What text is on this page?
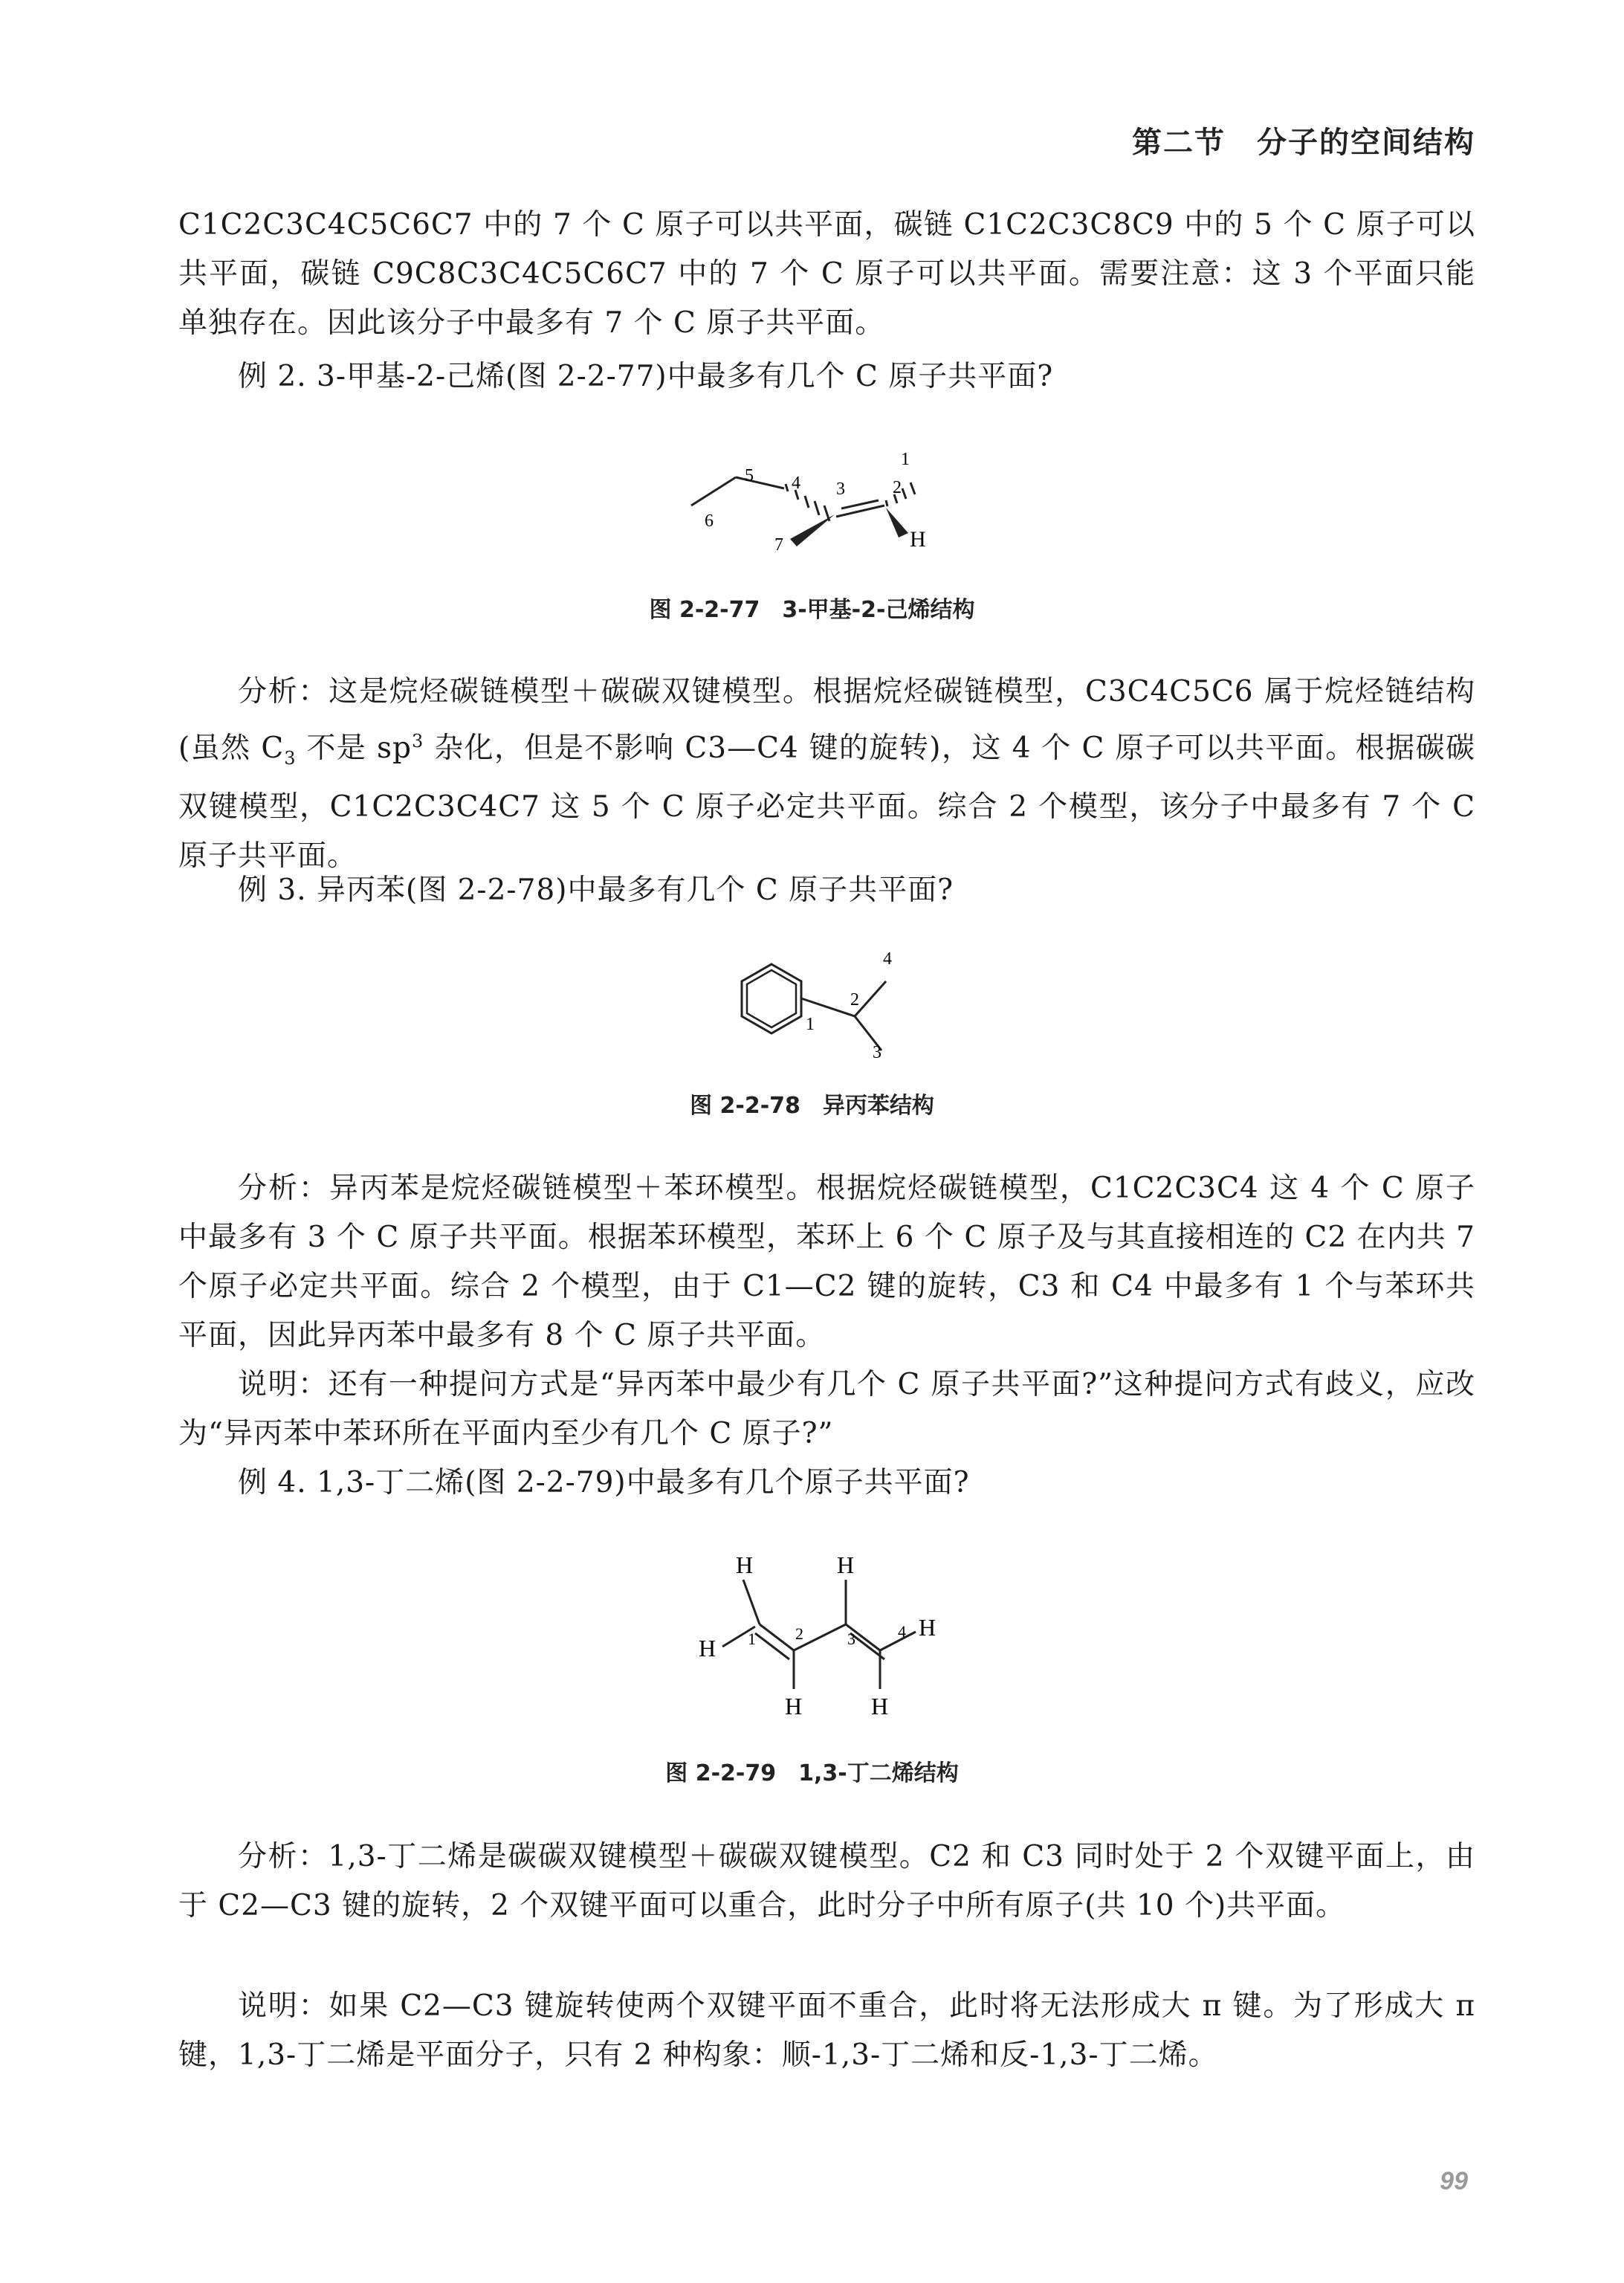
第二节　分子的空间结构

C1C2C3C4C5C6C7 中的 7 个 C 原子可以共平面，碳链 C1C2C3C8C9 中的 5 个 C 原子可以共平面，碳链 C9C8C3C4C5C6C7 中的 7 个 C 原子可以共平面。需要注意：这 3 个平面只能单独存在。因此该分子中最多有 7 个 C 原子共平面。

例 2. 3-甲基-2-己烯(图 2-2-77)中最多有几个 C 原子共平面?

1
2
3
4
5
6
7	H
图 2-2-77　3-甲基-2-己烯结构

分析：这是烷烃碳链模型＋碳碳双键模型。根据烷烃碳链模型，C3C4C5C6 属于烷烃链结构(虽然 $C_3$ 不是 $sp^3$ 杂化，但是不影响 C3—C4 键的旋转)，这 4 个 C 原子可以共平面。根据碳碳双键模型，C1C2C3C4C7 这 5 个 C 原子必定共平面。综合 2 个模型，该分子中最多有 7 个 C 原子共平面。

例 3. 异丙苯(图 2-2-78)中最多有几个 C 原子共平面?

4
2
1
3
图 2-2-78　异丙苯结构

分析：异丙苯是烷烃碳链模型＋苯环模型。根据烷烃碳链模型，C1C2C3C4 这 4 个 C 原子中最多有 3 个 C 原子共平面。根据苯环模型，苯环上 6 个 C 原子及与其直接相连的 C2 在内共 7 个原子必定共平面。综合 2 个模型，由于 C1—C2 键的旋转，C3 和 C4 中最多有 1 个与苯环共平面，因此异丙苯中最多有 8 个 C 原子共平面。

说明：还有一种提问方式是“异丙苯中最少有几个 C 原子共平面?”这种提问方式有歧义，应改为“异丙苯中苯环所在平面内至少有几个 C 原子?”

例 4. 1,3-丁二烯(图 2-2-79)中最多有几个原子共平面?

H	H
H
H
H	H
1 2	3	4
图 2-2-79　1,3-丁二烯结构

分析：1,3-丁二烯是碳碳双键模型＋碳碳双键模型。C2 和 C3 同时处于 2 个双键平面上，由于 C2—C3 键的旋转，2 个双键平面可以重合，此时分子中所有原子(共 10 个)共平面。

说明：如果 C2—C3 键旋转使两个双键平面不重合，此时将无法形成大 π 键。为了形成大 π 键，1,3-丁二烯是平面分子，只有 2 种构象：顺-1,3-丁二烯和反-1,3-丁二烯。

99
